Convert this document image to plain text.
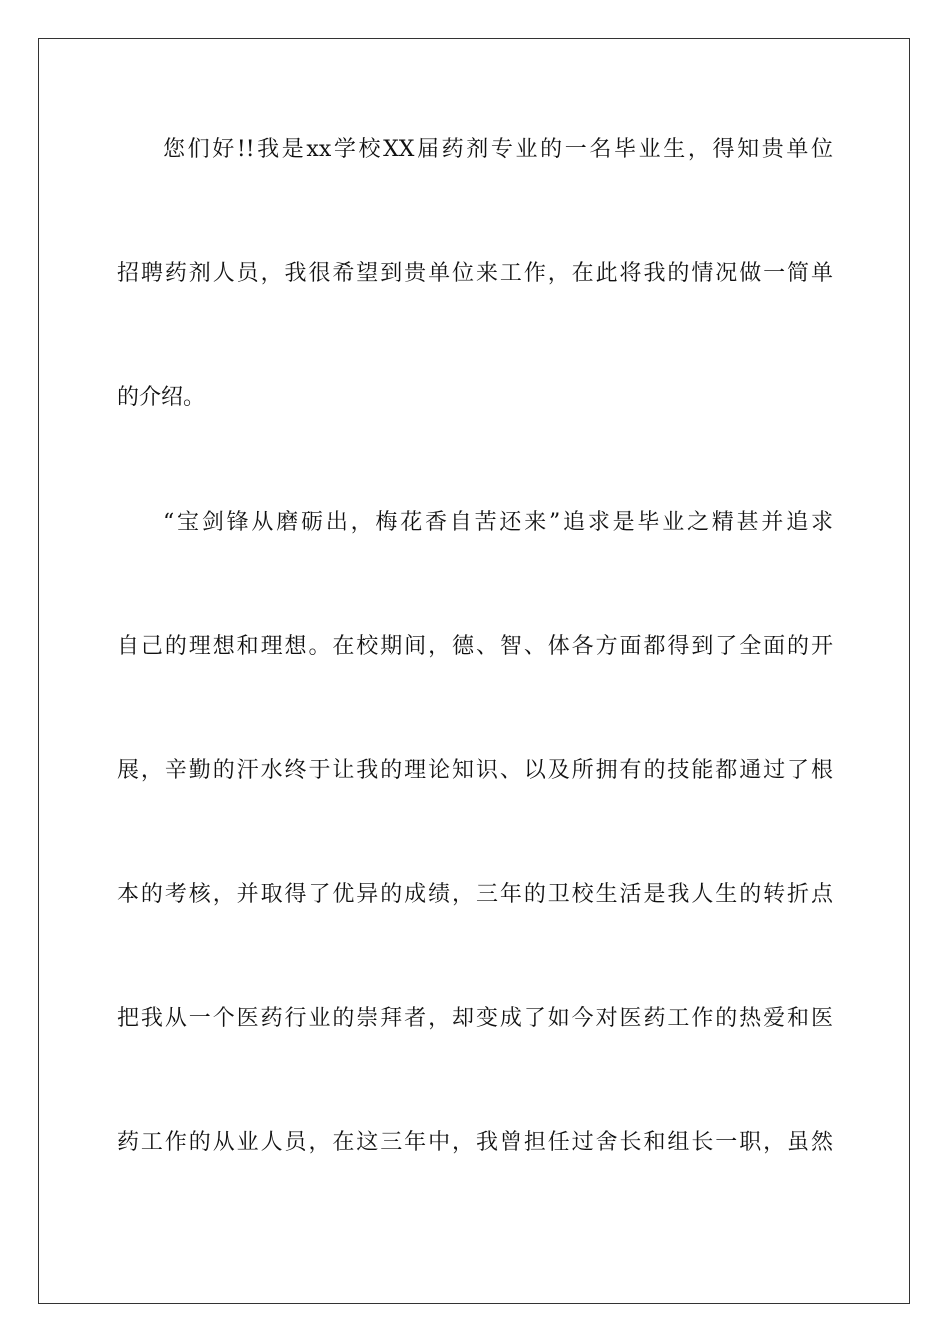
您们好!!我是xx学校XX届药剂专业的一名毕业生，得知贵单位
招聘药剂人员，我很希望到贵单位来工作，在此将我的情况做一简单
的介绍。
“宝剑锋从磨砺出，梅花香自苦还来”追求是毕业之精甚并追求
自己的理想和理想。在校期间，德、智、体各方面都得到了全面的开
展，辛勤的汗水终于让我的理论知识、以及所拥有的技能都通过了根
本的考核，并取得了优异的成绩，三年的卫校生活是我人生的转折点
把我从一个医药行业的崇拜者，却变成了如今对医药工作的热爱和医
药工作的从业人员，在这三年中，我曾担任过舍长和组长一职，虽然
